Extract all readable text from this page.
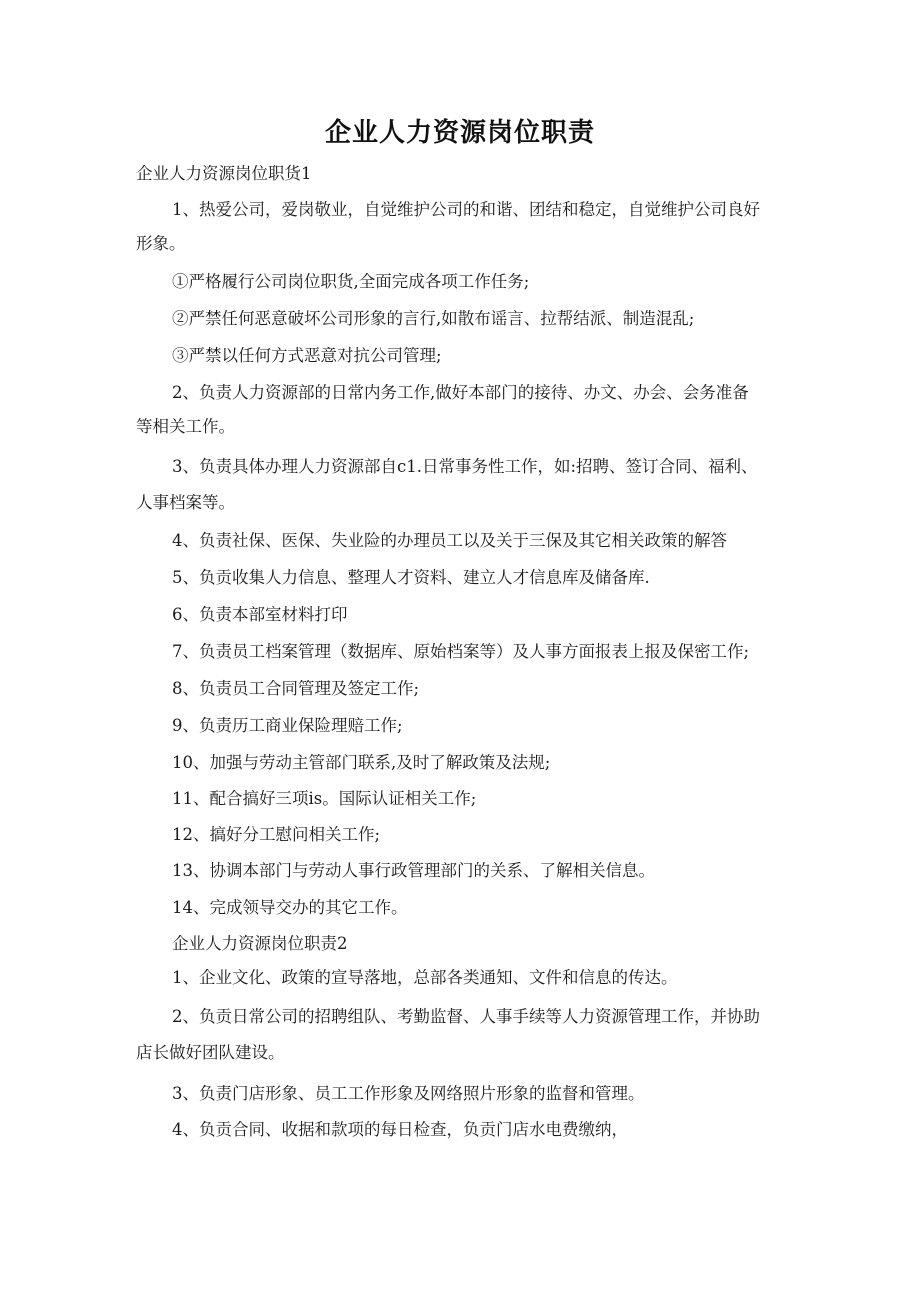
企业人力资源岗位职责
企业人力资源岗位职货1
1、热爱公司，爱岗敬业，自觉维护公司的和谐、团结和稳定，自觉维护公司良好
形象。
①严格履行公司岗位职货,全面完成各项工作任务;
②严禁任何恶意破坏公司形象的言行,如散布谣言、拉帮结派、制造混乱;
③严禁以任何方式恶意对抗公司管理;
2、负责人力资源部的日常内务工作,做好本部门的接待、办文、办会、会务准备
等相关工作。
3、负责具体办理人力资源部自c1.日常事务性工作，如:招聘、签订合同、福利、
人事档案等。
4、负责社保、医保、失业险的办理员工以及关于三保及其它相关政策的解答
5、负贡收集人力信息、整理人才资料、建立人才信息库及储备库.
6、负责本部室材料打印
7、负责员工档案管理（数据库、原始档案等）及人事方面报表上报及保密工作;
8、负责员工合同管理及签定工作;
9、负责历工商业保险理赔工作;
10、加强与劳动主管部门联系,及时了解政策及法规;
11、配合搞好三项is。国际认证相关工作;
12、搞好分工慰问相关工作;
13、协调本部门与劳动人事行政管理部门的关系、了解相关信息。
14、完成领导交办的其它工作。
企业人力资源岗位职责2
1、企业文化、政策的宣导落地，总部各类通知、文件和信息的传达。
2、负贡日常公司的招聘组队、考勤监督、人事手续等人力资源管理工作，并协助
店长做好团队建设。
3、负责门店形象、员工工作形象及网络照片形象的监督和管理。
4、负贡合同、收据和款项的每日检查，负贡门店水电费缴纳，
